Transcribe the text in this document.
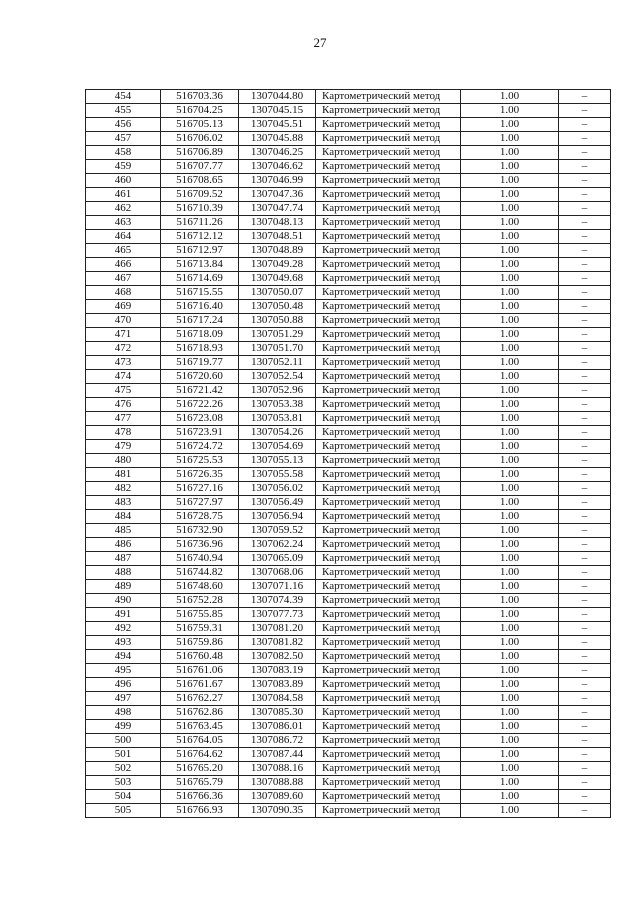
27
454	516703.36	1307044.80	Картометрический метод	1.00	–
455	516704.25	1307045.15	Картометрический метод	1.00	–
456	516705.13	1307045.51	Картометрический метод	1.00	–
457	516706.02	1307045.88	Картометрический метод	1.00	–
458	516706.89	1307046.25	Картометрический метод	1.00	–
459	516707.77	1307046.62	Картометрический метод	1.00	–
460	516708.65	1307046.99	Картометрический метод	1.00	–
461	516709.52	1307047.36	Картометрический метод	1.00	–
462	516710.39	1307047.74	Картометрический метод	1.00	–
463	516711.26	1307048.13	Картометрический метод	1.00	–
464	516712.12	1307048.51	Картометрический метод	1.00	–
465	516712.97	1307048.89	Картометрический метод	1.00	–
466	516713.84	1307049.28	Картометрический метод	1.00	–
467	516714.69	1307049.68	Картометрический метод	1.00	–
468	516715.55	1307050.07	Картометрический метод	1.00	–
469	516716.40	1307050.48	Картометрический метод	1.00	–
470	516717.24	1307050.88	Картометрический метод	1.00	–
471	516718.09	1307051.29	Картометрический метод	1.00	–
472	516718.93	1307051.70	Картометрический метод	1.00	–
473	516719.77	1307052.11	Картометрический метод	1.00	–
474	516720.60	1307052.54	Картометрический метод	1.00	–
475	516721.42	1307052.96	Картометрический метод	1.00	–
476	516722.26	1307053.38	Картометрический метод	1.00	–
477	516723.08	1307053.81	Картометрический метод	1.00	–
478	516723.91	1307054.26	Картометрический метод	1.00	–
479	516724.72	1307054.69	Картометрический метод	1.00	–
480	516725.53	1307055.13	Картометрический метод	1.00	–
481	516726.35	1307055.58	Картометрический метод	1.00	–
482	516727.16	1307056.02	Картометрический метод	1.00	–
483	516727.97	1307056.49	Картометрический метод	1.00	–
484	516728.75	1307056.94	Картометрический метод	1.00	–
485	516732.90	1307059.52	Картометрический метод	1.00	–
486	516736.96	1307062.24	Картометрический метод	1.00	–
487	516740.94	1307065.09	Картометрический метод	1.00	–
488	516744.82	1307068.06	Картометрический метод	1.00	–
489	516748.60	1307071.16	Картометрический метод	1.00	–
490	516752.28	1307074.39	Картометрический метод	1.00	–
491	516755.85	1307077.73	Картометрический метод	1.00	–
492	516759.31	1307081.20	Картометрический метод	1.00	–
493	516759.86	1307081.82	Картометрический метод	1.00	–
494	516760.48	1307082.50	Картометрический метод	1.00	–
495	516761.06	1307083.19	Картометрический метод	1.00	–
496	516761.67	1307083.89	Картометрический метод	1.00	–
497	516762.27	1307084.58	Картометрический метод	1.00	–
498	516762.86	1307085.30	Картометрический метод	1.00	–
499	516763.45	1307086.01	Картометрический метод	1.00	–
500	516764.05	1307086.72	Картометрический метод	1.00	–
501	516764.62	1307087.44	Картометрический метод	1.00	–
502	516765.20	1307088.16	Картометрический метод	1.00	–
503	516765.79	1307088.88	Картометрический метод	1.00	–
504	516766.36	1307089.60	Картометрический метод	1.00	–
505	516766.93	1307090.35	Картометрический метод	1.00	–
